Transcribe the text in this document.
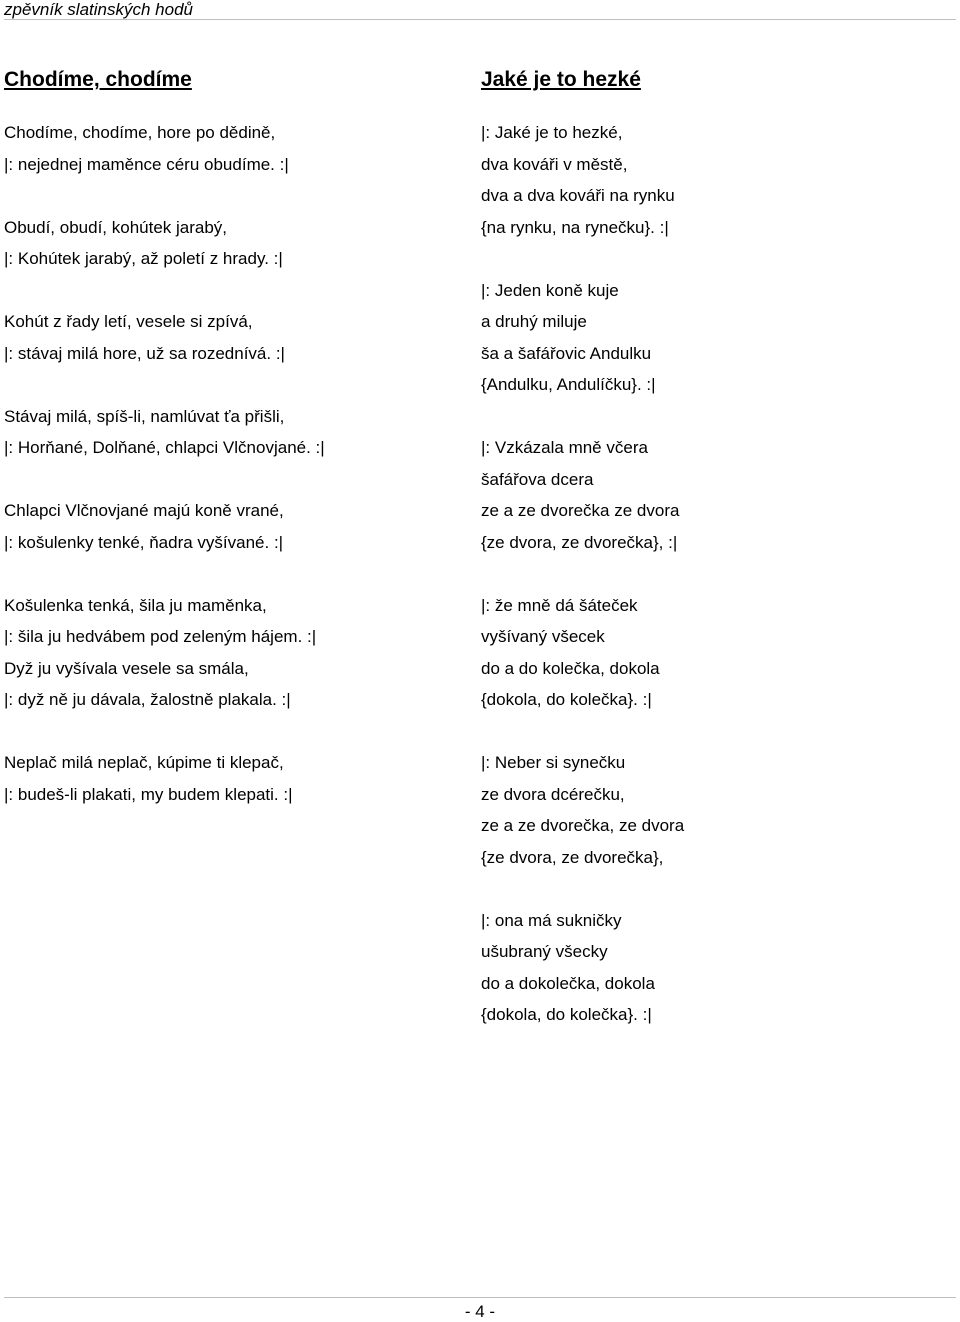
zpěvník slatinských hodů
Chodíme, chodíme
Chodíme, chodíme, hore po dědině,
|: nejednej maměnce céru obudíme. :|
Obudí, obudí, kohútek jarabý,
|: Kohútek jarabý, až poletí z hrady. :|
Kohút z řady letí, vesele si zpívá,
|: stávaj milá hore, už sa rozednívá. :|
Stávaj milá, spíš-li, namlúvat ťa přišli,
|: Horňané, Dolňané, chlapci Vlčnovjané. :|
Chlapci Vlčnovjané majú koně vrané,
|: košulenky tenké, ňadra vyšívané. :|
Košulenka tenká, šila ju maměnka,
|: šila ju hedvábem pod zeleným hájem. :|
Dyž ju vyšívala vesele sa smála,
|: dyž ně ju dávala, žalostně plakala. :|
Neplač milá neplač, kúpime ti klepač,
|: budeš-li plakati, my budem klepati. :|
Jaké je to hezké
|: Jaké je to hezké,
dva kováři v městě,
dva a dva kováři na rynku
{na rynku, na rynečku}. :|
|: Jeden koně kuje
a druhý miluje
ša a šafářovic Andulku
{Andulku, Andulíčku}. :|
|: Vzkázala mně včera
šafářova dcera
ze a ze dvorečka ze dvora
{ze dvora, ze dvorečka}, :|
|: že mně dá šáteček
vyšívaný všecek
do a do kolečka, dokola
{dokola, do kolečka}. :|
|: Neber si synečku
ze dvora dcérečku,
ze a ze dvorečka, ze dvora
{ze dvora, ze dvorečka},
|: ona má sukničky
ušubraný všecky
do a dokolečka, dokola
{dokola, do kolečka}. :|
- 4 -
